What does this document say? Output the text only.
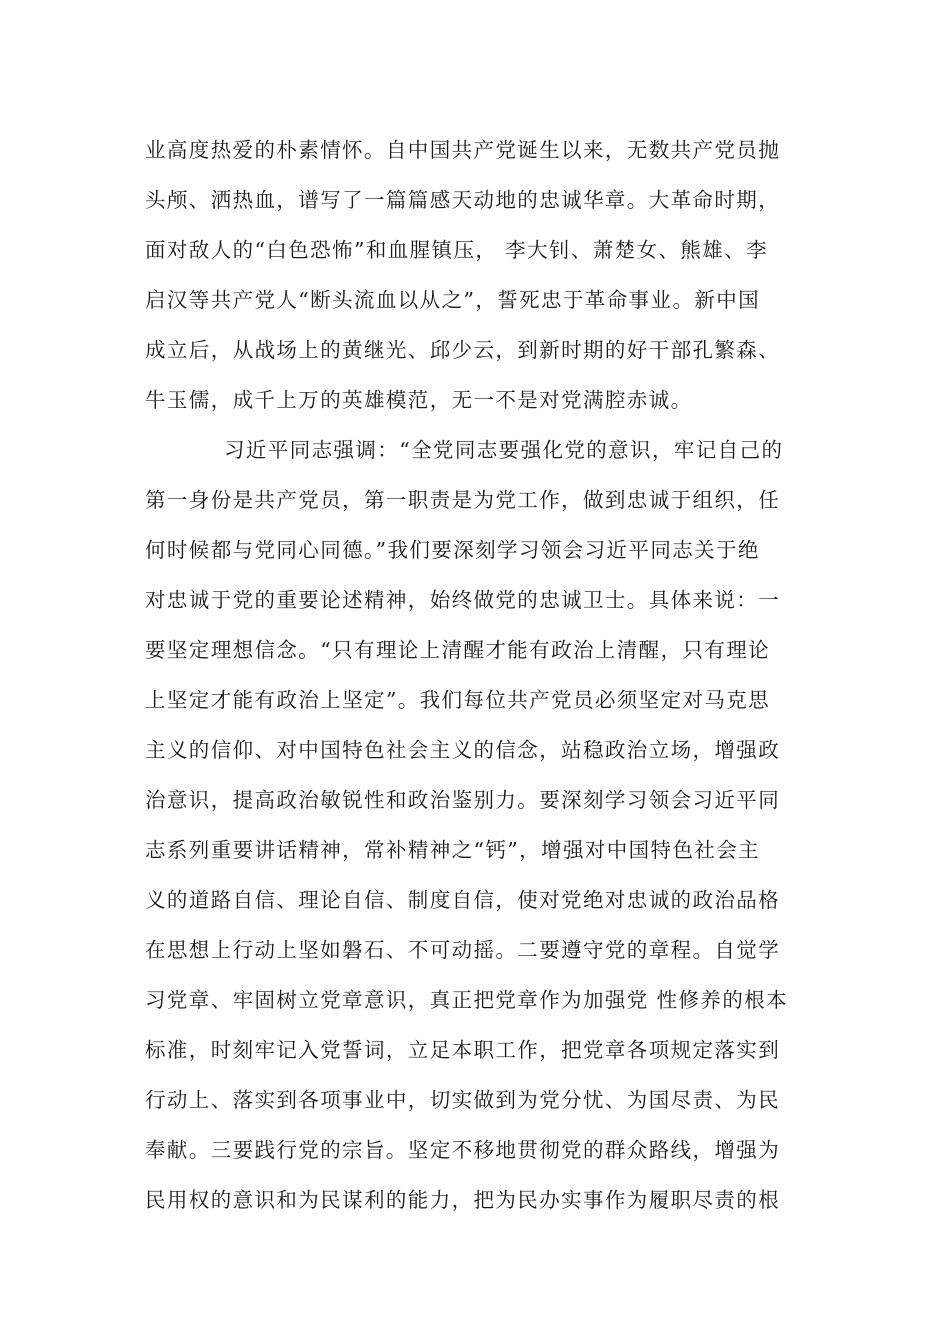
业高度热爱的朴素情怀。自中国共产党诞生以来，无数共产党员抛
头颅、洒热血，谱写了一篇篇感天动地的忠诚华章。大革命时期，
面对敌人的“白色恐怖”和血腥镇压， 李大钊、萧楚女、熊雄、李
启汉等共产党人“断头流血以从之”，誓死忠于革命事业。新中国
成立后，从战场上的黄继光、邱少云，到新时期的好干部孔繁森、
牛玉儒，成千上万的英雄模范，无一不是对党满腔赤诚。
习近平同志强调：“全党同志要强化党的意识，牢记自己的
第一身份是共产党员，第一职责是为党工作，做到忠诚于组织，任
何时候都与党同心同德。”我们要深刻学习领会习近平同志关于绝
对忠诚于党的重要论述精神，始终做党的忠诚卫士。具体来说：一
要坚定理想信念。“只有理论上清醒才能有政治上清醒，只有理论
上坚定才能有政治上坚定”。我们每位共产党员必须坚定对马克思
主义的信仰、对中国特色社会主义的信念，站稳政治立场，增强政
治意识，提高政治敏锐性和政治鉴别力。要深刻学习领会习近平同
志系列重要讲话精神，常补精神之“钙”，增强对中国特色社会主
义的道路自信、理论自信、制度自信，使对党绝对忠诚的政治品格
在思想上行动上坚如磐石、不可动摇。二要遵守党的章程。自觉学
习党章、牢固树立党章意识，真正把党章作为加强党 性修养的根本
标准，时刻牢记入党誓词，立足本职工作，把党章各项规定落实到
行动上、落实到各项事业中，切实做到为党分忧、为国尽责、为民
奉献。三要践行党的宗旨。坚定不移地贯彻党的群众路线，增强为
民用权的意识和为民谋利的能力，把为民办实事作为履职尽责的根
